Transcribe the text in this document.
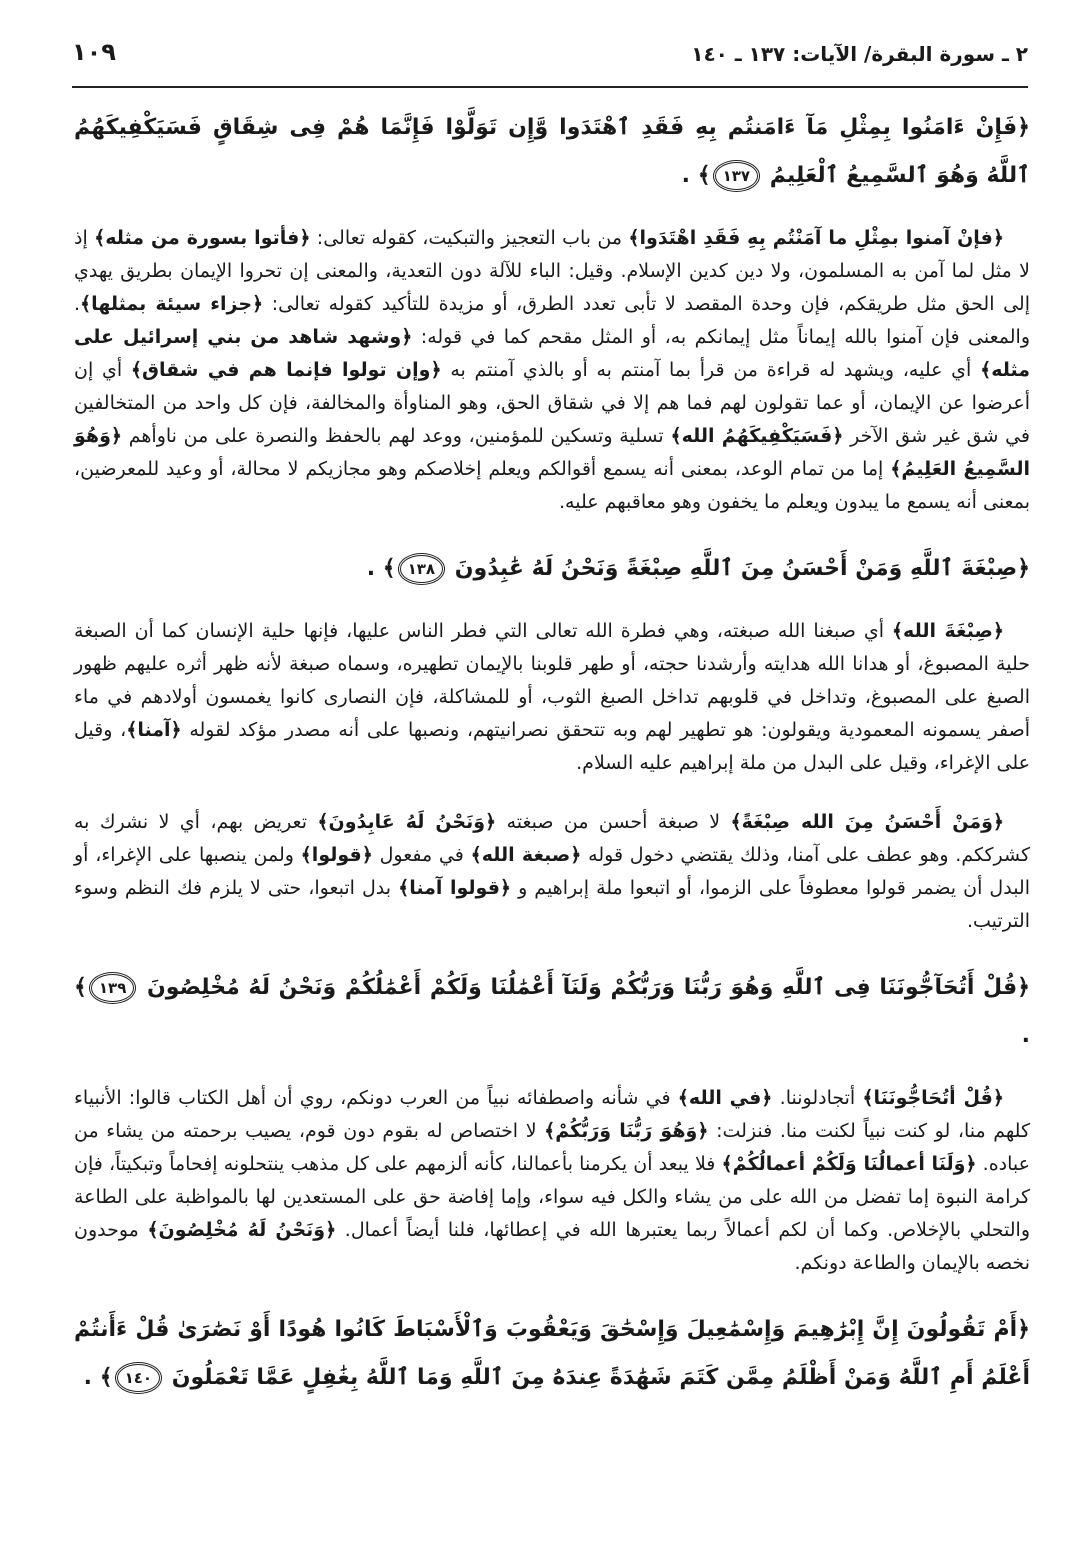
٢ ـ سورة البقرة/ الآيات: ١٣٧ ـ ١٤٠
١٠٩

﴿فَإِنْ ءَامَنُوا بِمِثْلِ مَآ ءَامَنتُم بِهِ فَقَدِ ٱهْتَدَوا وَّإِن تَوَلَّوْا فَإِنَّمَا هُمْ فِى شِقَاقٍ فَسَيَكْفِيكَهُمُ ٱللَّهُ وَهُوَ ٱلسَّمِيعُ ٱلْعَلِيمُ ١٣٧﴾ .

﴿فإنْ آمنوا بمِثْلِ ما آمَنْتُم بِهِ فَقَدِ اهْتَدَوا﴾ من باب التعجيز والتبكيت، كقوله تعالى: ﴿فأتوا بسورة من مثله﴾ إذ لا مثل لما آمن به المسلمون، ولا دين كدين الإسلام. وقيل: الباء للآلة دون التعدية، والمعنى إن تحروا الإيمان بطريق يهدي إلى الحق مثل طريقكم، فإن وحدة المقصد لا تأبى تعدد الطرق، أو مزيدة للتأكيد كقوله تعالى: ﴿جزاء سيئة بمثلها﴾. والمعنى فإن آمنوا بالله إيماناً مثل إيمانكم به، أو المثل مقحم كما في قوله: ﴿وشهد شاهد من بني إسرائيل على مثله﴾ أي عليه، ويشهد له قراءة من قرأ بما آمنتم به أو بالذي آمنتم به ﴿وإن تولوا فإنما هم في شقاق﴾ أي إن أعرضوا عن الإيمان، أو عما تقولون لهم فما هم إلا في شقاق الحق، وهو المناوأة والمخالفة، فإن كل واحد من المتخالفين في شق غير شق الآخر ﴿فَسَيَكْفِيكَهُمُ الله﴾ تسلية وتسكين للمؤمنين، ووعد لهم بالحفظ والنصرة على من ناوأهم ﴿وَهُوَ السَّمِيعُ العَلِيمُ﴾ إما من تمام الوعد، بمعنى أنه يسمع أقوالكم ويعلم إخلاصكم وهو مجازيكم لا محالة، أو وعيد للمعرضين، بمعنى أنه يسمع ما يبدون ويعلم ما يخفون وهو معاقبهم عليه.

﴿صِبْغَةَ ٱللَّهِ وَمَنْ أَحْسَنُ مِنَ ٱللَّهِ صِبْغَةً وَنَحْنُ لَهُ عَٰبِدُونَ ١٣٨﴾ .

﴿صِبْغَةَ الله﴾ أي صبغنا الله صبغته، وهي فطرة الله تعالى التي فطر الناس عليها، فإنها حلية الإنسان كما أن الصبغة حلية المصبوغ، أو هدانا الله هدايته وأرشدنا حجته، أو طهر قلوبنا بالإيمان تطهيره، وسماه صبغة لأنه ظهر أثره عليهم ظهور الصبغ على المصبوغ، وتداخل في قلوبهم تداخل الصبغ الثوب، أو للمشاكلة، فإن النصارى كانوا يغمسون أولادهم في ماء أصفر يسمونه المعمودية ويقولون: هو تطهير لهم وبه تتحقق نصرانيتهم، ونصبها على أنه مصدر مؤكد لقوله ﴿آمنا﴾، وقيل على الإغراء، وقيل على البدل من ملة إبراهيم عليه السلام.

﴿وَمَنْ أَحْسَنُ مِنَ الله صِبْغَةً﴾ لا صبغة أحسن من صبغته ﴿وَنَحْنُ لَهُ عَابِدُونَ﴾ تعريض بهم، أي لا نشرك به كشرككم. وهو عطف على آمنا، وذلك يقتضي دخول قوله ﴿صبغة الله﴾ في مفعول ﴿قولوا﴾ ولمن ينصبها على الإغراء، أو البدل أن يضمر قولوا معطوفاً على الزموا، أو اتبعوا ملة إبراهيم و ﴿قولوا آمنا﴾ بدل اتبعوا، حتى لا يلزم فك النظم وسوء الترتيب.

﴿قُلْ أَتُحَآجُّونَنَا فِى ٱللَّهِ وَهُوَ رَبُّنَا وَرَبُّكُمْ وَلَنَآ أَعْمَٰلُنَا وَلَكُمْ أَعْمَٰلُكُمْ وَنَحْنُ لَهُ مُخْلِصُونَ ١٣٩﴾ .

﴿قُلْ أتُحَاجُّونَنَا﴾ أتجادلوننا. ﴿في الله﴾ في شأنه واصطفائه نبياً من العرب دونكم، روي أن أهل الكتاب قالوا: الأنبياء كلهم منا، لو كنت نبياً لكنت منا. فنزلت: ﴿وَهُوَ رَبُّنَا وَرَبُّكُمْ﴾ لا اختصاص له بقوم دون قوم، يصيب برحمته من يشاء من عباده. ﴿وَلَنَا أعمالُنَا وَلَكُمْ أعمالُكُمْ﴾ فلا يبعد أن يكرمنا بأعمالنا، كأنه ألزمهم على كل مذهب ينتحلونه إفحاماً وتبكيتاً، فإن كرامة النبوة إما تفضل من الله على من يشاء والكل فيه سواء، وإما إفاضة حق على المستعدين لها بالمواظبة على الطاعة والتحلي بالإخلاص. وكما أن لكم أعمالاً ربما يعتبرها الله في إعطائها، فلنا أيضاً أعمال. ﴿وَنَحْنُ لَهُ مُخْلِصُونَ﴾ موحدون نخصه بالإيمان والطاعة دونكم.

﴿أَمْ تَقُولُونَ إِنَّ إِبْرَٰهِيمَ وَإِسْمَٰعِيلَ وَإِسْحَٰقَ وَيَعْقُوبَ وَٱلْأَسْبَاطَ كَانُوا هُودًا أَوْ نَصَٰرَىٰ قُلْ ءَأَنتُمْ أَعْلَمُ أَمِ ٱللَّهُ وَمَنْ أَظْلَمُ مِمَّن كَتَمَ شَهَٰدَةً عِندَهُ مِنَ ٱللَّهِ وَمَا ٱللَّهُ بِغَٰفِلٍ عَمَّا تَعْمَلُونَ ١٤٠﴾ .
